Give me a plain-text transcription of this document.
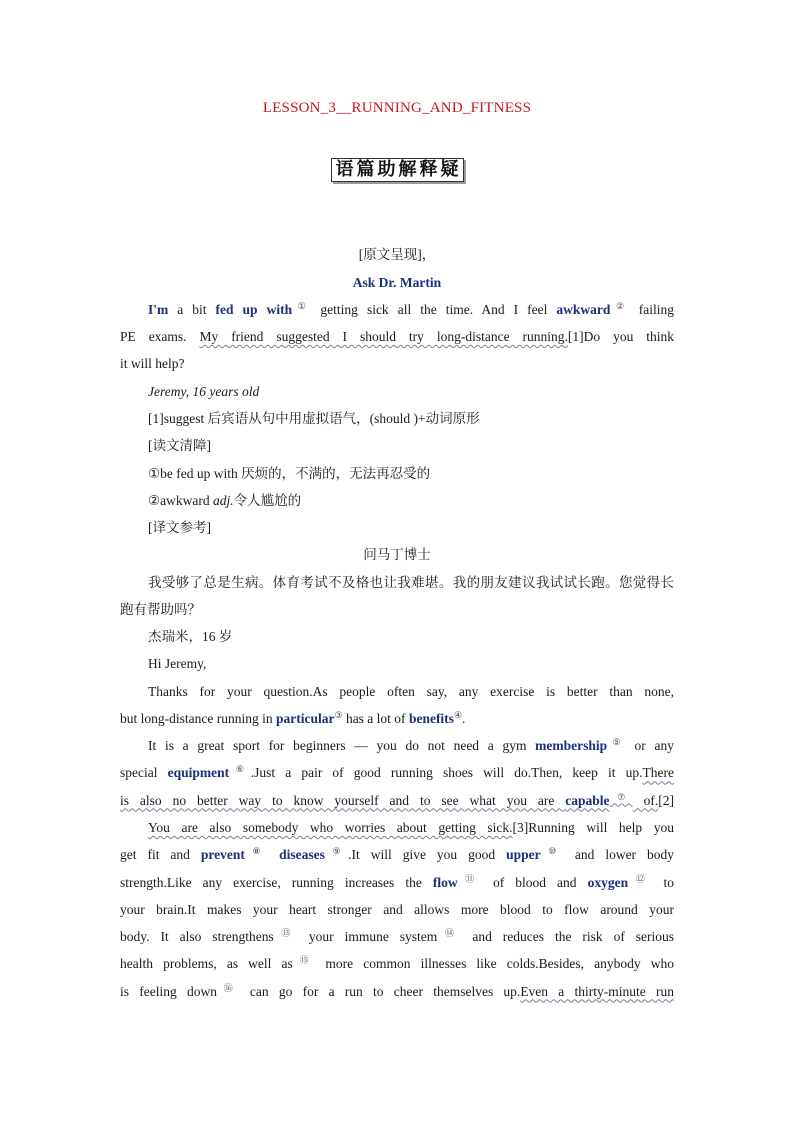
LESSON_3__RUNNING_AND_FITNESS
语篇助解释疑
[原文呈现]，
Ask Dr. Martin
I'm a bit fed up with① getting sick all the time. And I feel awkward② failing
PE exams. My friend suggested I should try long-distance running.[1]Do you think
it will help?
Jeremy, 16 years old
[1]suggest 后宾语从句中用虚拟语气，(should )+动词原形
[读文清障]
①be fed up with 厌烦的，不满的，无法再忍受的
②awkward adj.令人尴尬的
[译文参考]
问马丁博士
我受够了总是生病。体育考试不及格也让我难堪。我的朋友建议我试试长跑。您觉得长
跑有帮助吗？
杰瑞米，16 岁
Hi Jeremy,
Thanks for your question.As people often say, any exercise is better than none,
but long-distance running in particular③ has a lot of benefits④.
It is a great sport for beginners — you do not need a gym membership⑤ or any
special equipment⑥.Just a pair of good running shoes will do.Then, keep it up.There
is also no better way to know yourself and to see what you are capable⑦ of.[2]
You are also somebody who worries about getting sick.[3]Running will help you
get fit and prevent⑧ diseases⑨.It will give you good upper⑩ and lower body
strength.Like any exercise, running increases the flow⑪ of blood and oxygen⑫ to
your brain.It makes your heart stronger and allows more blood to flow around your
body. It also strengthens⑬ your immune system⑭ and reduces the risk of serious
health problems, as well as⑮ more common illnesses like colds.Besides, anybody who
is feeling down⑯ can go for a run to cheer themselves up.Even a thirty-minute run
